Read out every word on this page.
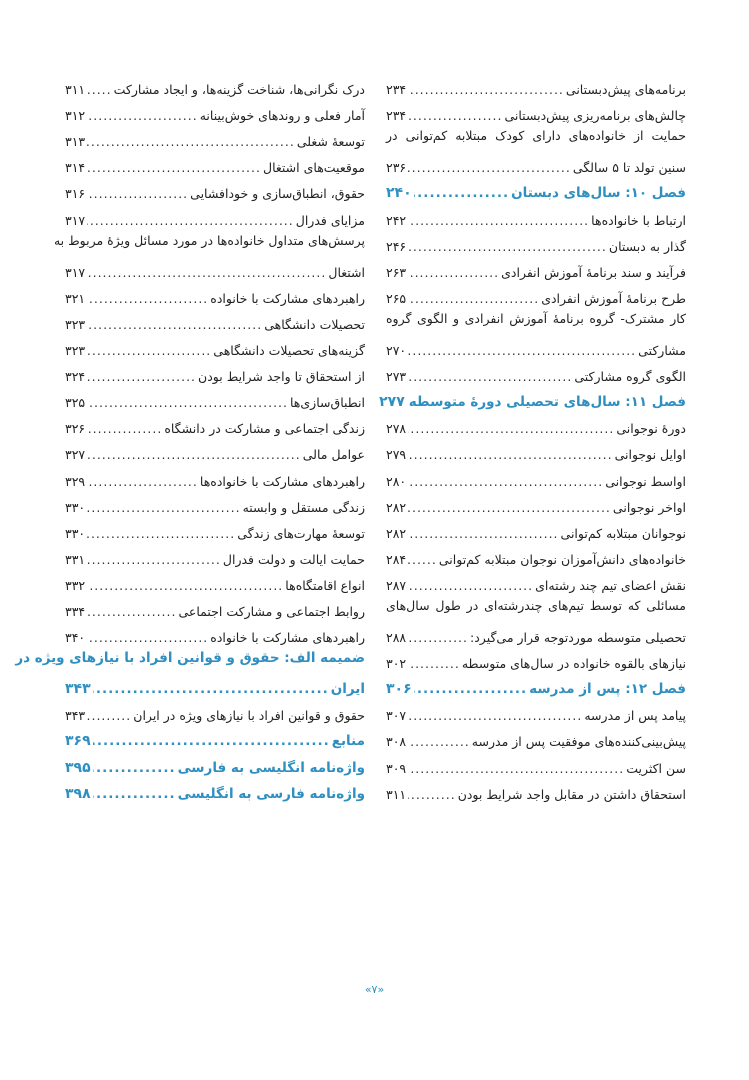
برنامه‌های پیش‌دبستانی
.....
۲۳۴
چالش‌های برنامه‌ریزی پیش‌دبستانی
.....
۲۳۴
حمایت از خانواده‌های دارای کودک مبتلابه کم‌توانی در
سنین تولد تا ۵ سالگی
.....
۲۳۶
فصل ۱۰: سال‌های دبستان
.....
۲۴۰
ارتباط با خانواده‌ها
.....
۲۴۲
گذار به دبستان
.....
۲۴۶
فرآیند و سند برنامهٔ آموزش انفرادی
.....
۲۶۳
طرح برنامهٔ آموزش انفرادی
.....
۲۶۵
کار مشترک- گروه برنامهٔ آموزش انفرادی و الگوی گروه
مشارکتی
.....
۲۷۰
الگوی گروه مشارکتی
.....
۲۷۳
فصل ۱۱: سال‌های تحصیلی دورهٔ متوسطه
۲۷۷
دورهٔ نوجوانی
.....
۲۷۸
اوایل نوجوانی
.....
۲۷۹
اواسط نوجوانی
.....
۲۸۰
اواخر نوجوانی
.....
۲۸۲
نوجوانان مبتلابه کم‌توانی
.....
۲۸۲
خانواده‌های دانش‌آموزان نوجوان مبتلابه کم‌توانی
.....
۲۸۴
نقش اعضای تیم چند رشته‌ای
.....
۲۸۷
مسائلی که توسط تیم‌های چندرشته‌ای در طول سال‌های
تحصیلی متوسطه موردتوجه قرار می‌گیرد:
.....
۲۸۸
نیازهای بالقوه خانواده در سال‌های متوسطه
.....
۳۰۲
فصل ۱۲: پس از مدرسه
.....
۳۰۶
پیامد پس از مدرسه
.....
۳۰۷
پیش‌بینی‌کننده‌های موفقیت پس از مدرسه
.....
۳۰۸
سن اکثریت
.....
۳۰۹
استحقاق داشتن در مقابل واجد شرایط بودن
.....
۳۱۱
درک نگرانی‌ها، شناخت گزینه‌ها، و ایجاد مشارکت
.....
۳۱۱
آمار فعلی و روندهای خوش‌بینانه
.....
۳۱۲
توسعهٔ شغلی
.....
۳۱۳
موقعیت‌های اشتغال
.....
۳۱۴
حقوق، انطباق‌سازی و خودافشایی
.....
۳۱۶
مزایای فدرال
.....
۳۱۷
پرسش‌های متداول خانواده‌ها در مورد مسائل ویژهٔ مربوط به
اشتغال
.....
۳۱۷
راهبردهای مشارکت با خانواده
.....
۳۲۱
تحصیلات دانشگاهی
.....
۳۲۳
گزینه‌های تحصیلات دانشگاهی
.....
۳۲۳
از استحقاق تا واجد شرایط بودن
.....
۳۲۴
انطباق‌سازی‌ها
.....
۳۲۵
زندگی اجتماعی و مشارکت در دانشگاه
.....
۳۲۶
عوامل مالی
.....
۳۲۷
راهبردهای مشارکت با خانواده‌ها
.....
۳۲۹
زندگی مستقل و وابسته
.....
۳۳۰
توسعهٔ مهارت‌های زندگی
.....
۳۳۰
حمایت ایالت و دولت فدرال
.....
۳۳۱
انواع اقامتگاه‌ها
.....
۳۳۲
روابط اجتماعی و مشارکت اجتماعی
.....
۳۳۴
راهبردهای مشارکت با خانواده
.....
۳۴۰
ضمیمه الف: حقوق و قوانین افراد با نیازهای ویژه در
ایران
.....
۳۴۳
حقوق و قوانین افراد با نیازهای ویژه در ایران
.....
۳۴۳
منابع
.....
۳۶۹
واژه‌نامه انگلیسی به فارسی
.....
۳۹۵
واژه‌نامه فارسی به انگلیسی
.....
۳۹۸
«۷»
